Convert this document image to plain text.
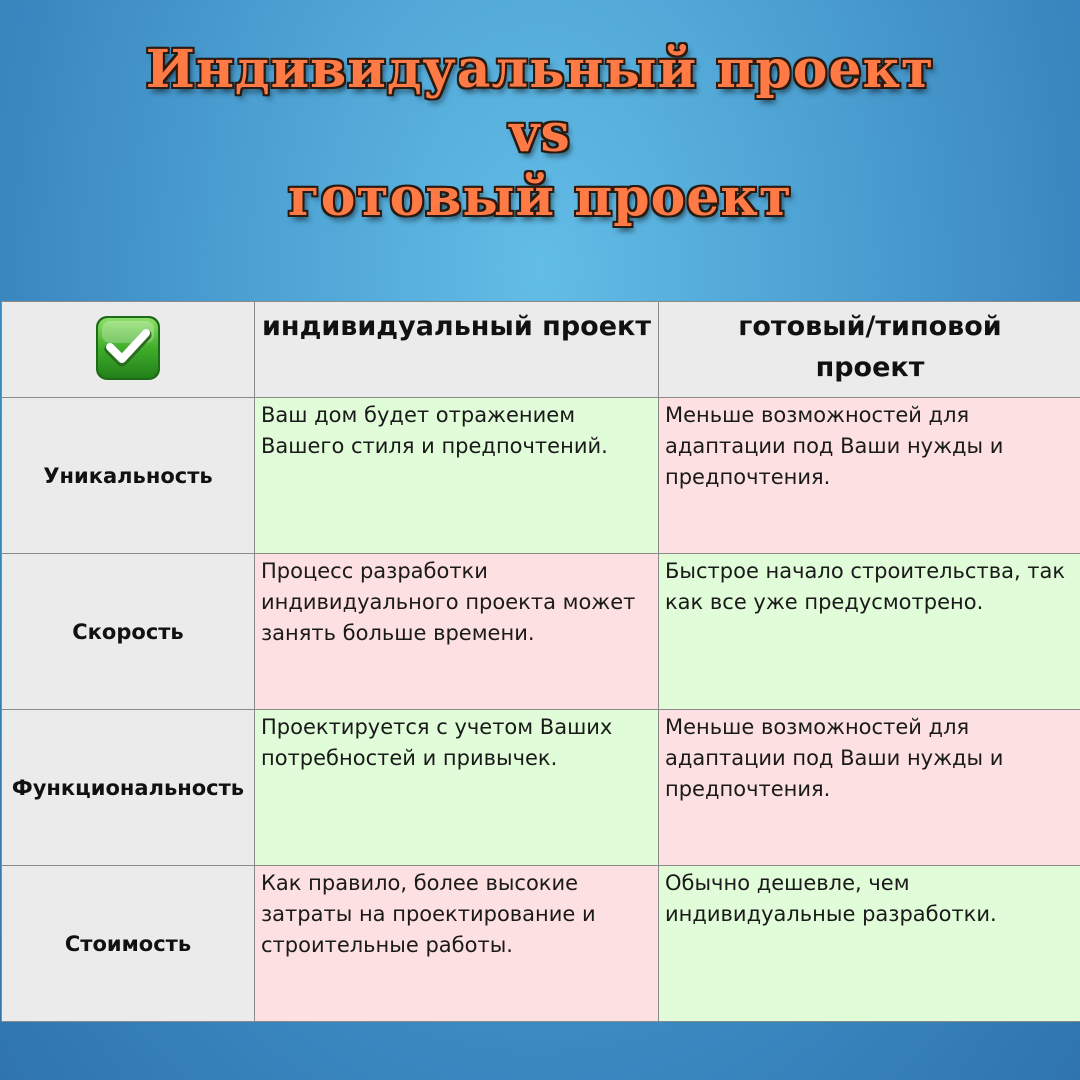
Индивидуальный проект
vs
готовый проект
	индивидуальный проект	готовый/типовой
проект
Уникальность	Ваш дом будет отражением Вашего стиля и предпочтений.	Меньше возможностей для адаптации под Ваши нужды и предпочтения.
Скорость	Процесс разработки индивидуального проекта может занять больше времени.	Быстрое начало строительства, так как все уже предусмотрено.
Функциональность	Проектируется с учетом Ваших потребностей и привычек.	Меньше возможностей для адаптации под Ваши нужды и предпочтения.
Стоимость	Как правило, более высокие затраты на проектирование и строительные работы.	Обычно дешевле, чем индивидуальные разработки.
